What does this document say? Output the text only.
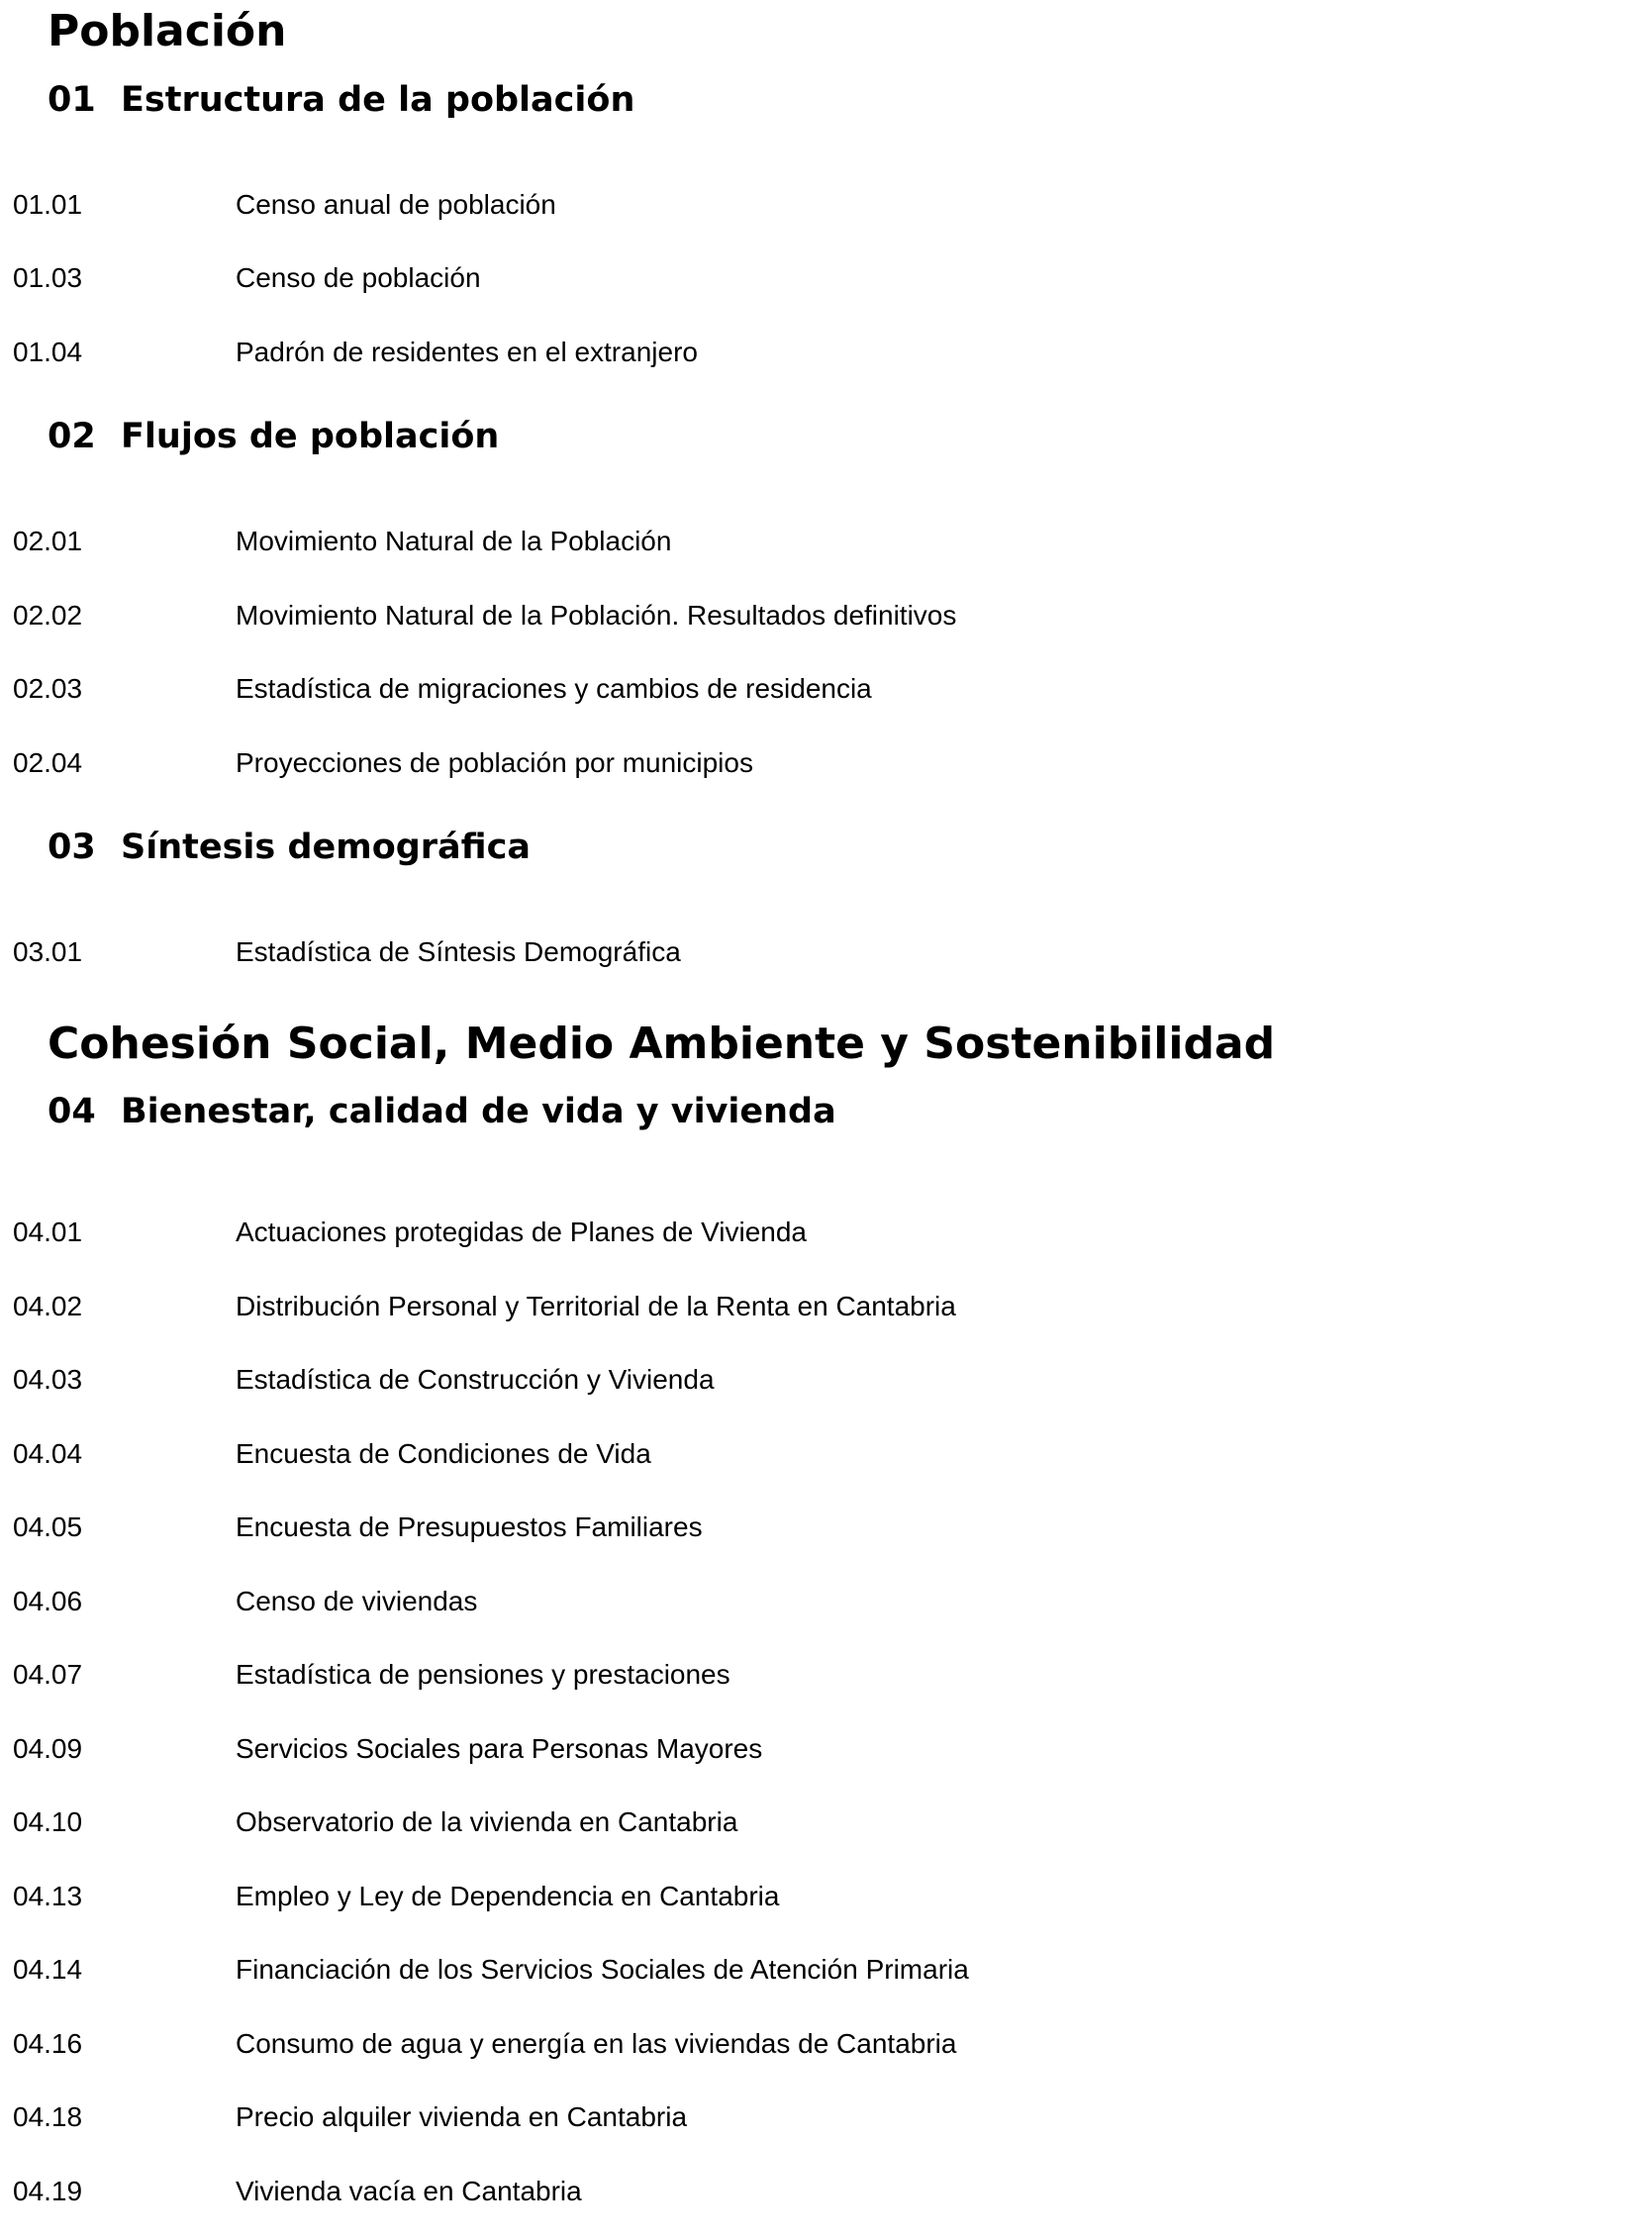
Población
01 Estructura de la población
01.01	Censo anual de población
01.03	Censo de población
01.04	Padrón de residentes en el extranjero
02 Flujos de población
02.01	Movimiento Natural de la Población
02.02	Movimiento Natural de la Población. Resultados definitivos
02.03	Estadística de migraciones y cambios de residencia
02.04	Proyecciones de población por municipios
03 Síntesis demográfica
03.01	Estadística de Síntesis Demográfica
Cohesión Social, Medio Ambiente y Sostenibilidad
04 Bienestar, calidad de vida y vivienda
04.01	Actuaciones protegidas de Planes de Vivienda
04.02	Distribución Personal y Territorial de la Renta en Cantabria
04.03	Estadística de Construcción y Vivienda
04.04	Encuesta de Condiciones de Vida
04.05	Encuesta de Presupuestos Familiares
04.06	Censo de viviendas
04.07	Estadística de pensiones y prestaciones
04.09	Servicios Sociales para Personas Mayores
04.10	Observatorio de la vivienda en Cantabria
04.13	Empleo y Ley de Dependencia en Cantabria
04.14	Financiación de los Servicios Sociales de Atención Primaria
04.16	Consumo de agua y energía en las viviendas de Cantabria
04.18	Precio alquiler vivienda en Cantabria
04.19	Vivienda vacía en Cantabria
